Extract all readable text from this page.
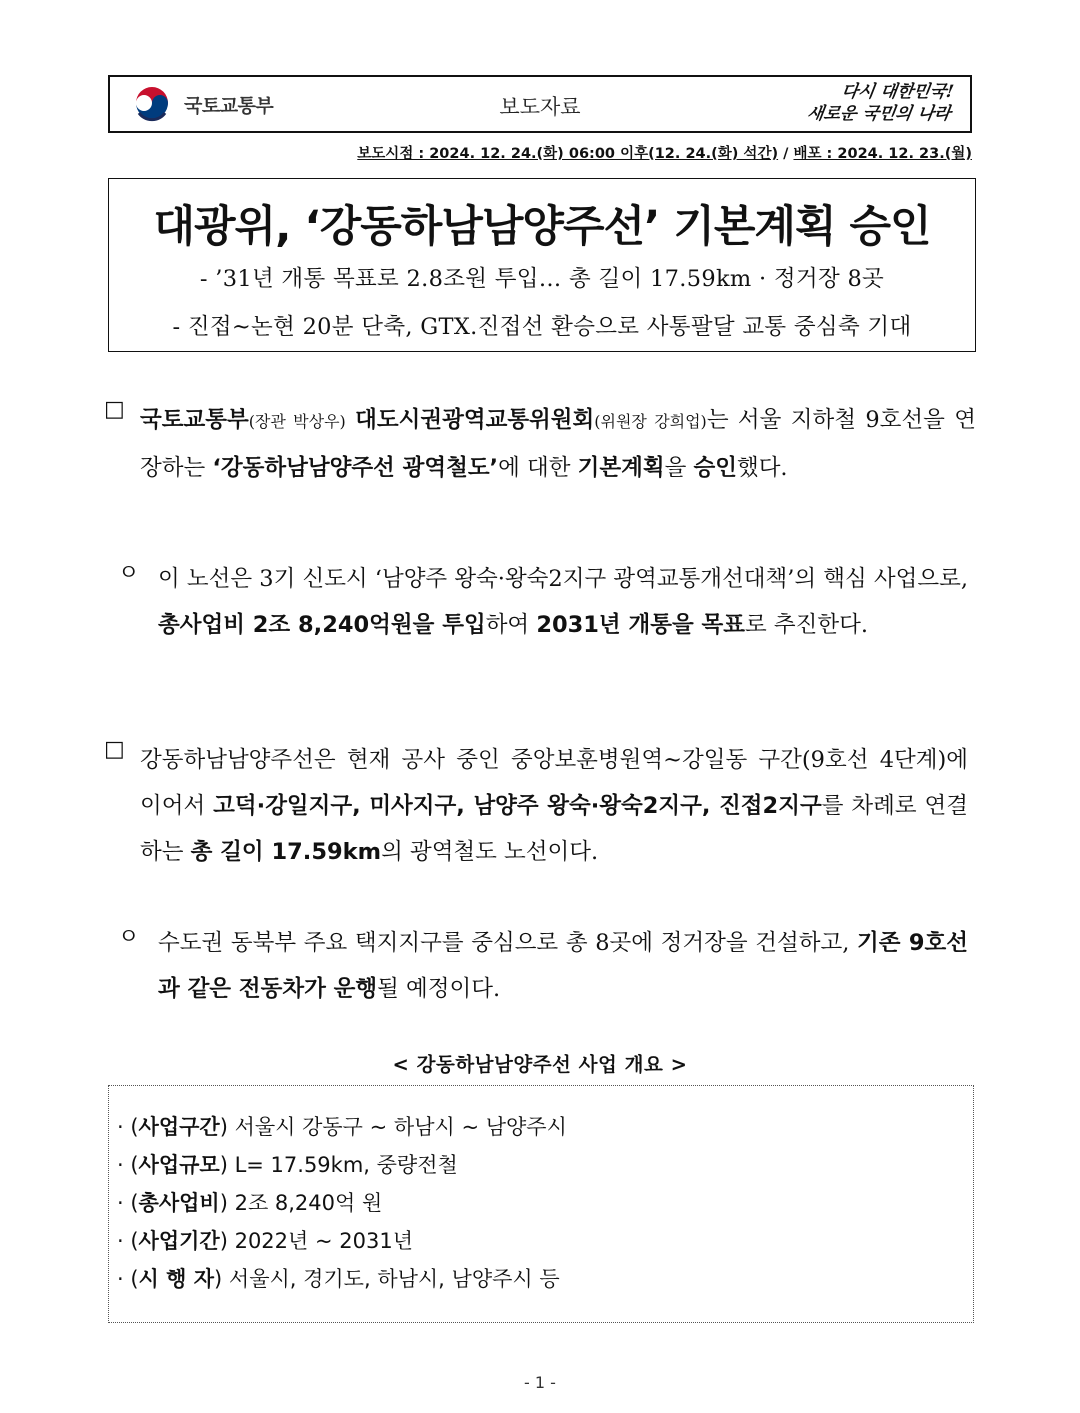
국토교통부	보도자료
다시 대한민국!
새로운 국민의 나라
보도시점 : 2024. 12. 24.(화) 06:00 이후(12. 24.(화) 석간) / 배포 : 2024. 12. 23.(월)
대광위, ‘강동하남남양주선’ 기본계획 승인
- ’31년 개통 목표로 2.8조원 투입… 총 길이 17.59km · 정거장 8곳
- 진접~논현 20분 단축, GTX.진접선 환승으로 사통팔달 교통 중심축 기대
□ 국토교통부(장관 박상우) 대도시권광역교통위원회(위원장 강희업)는 서울 지하철 9호선을 연장하는 ‘강동하남남양주선 광역철도’에 대한 기본계획을 승인했다.
ㅇ 이 노선은 3기 신도시 ‘남양주 왕숙·왕숙2지구 광역교통개선대책’의 핵심 사업으로, 총사업비 2조 8,240억원을 투입하여 2031년 개통을 목표로 추진한다.
□ 강동하남남양주선은 현재 공사 중인 중앙보훈병원역~강일동 구간(9호선 4단계)에 이어서 고덕·강일지구, 미사지구, 남양주 왕숙·왕숙2지구, 진접2지구를 차례로 연결하는 총 길이 17.59km의 광역철도 노선이다.
ㅇ 수도권 동북부 주요 택지지구를 중심으로 총 8곳에 정거장을 건설하고, 기존 9호선과 같은 전동차가 운행될 예정이다.
< 강동하남남양주선 사업 개요 >
· (사업구간) 서울시 강동구 ~ 하남시 ~ 남양주시
· (사업규모) L= 17.59km, 중량전철
· (총사업비) 2조 8,240억 원
· (사업기간) 2022년 ~ 2031년
· (시 행 자) 서울시, 경기도, 하남시, 남양주시 등
- 1 -
